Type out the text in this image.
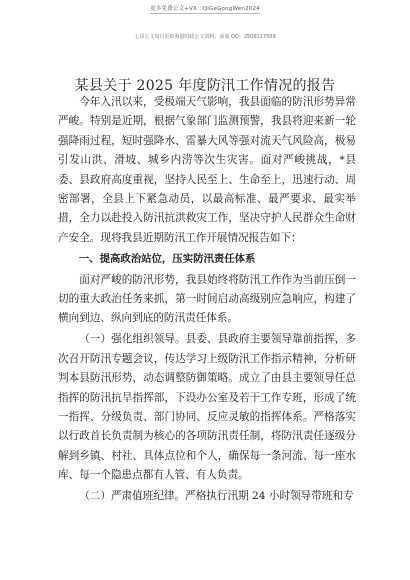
更多免费公文+VX：QiGeGongWen2024
七哥公文每日更新海量时政公文资料，添加 QQ：2500117509
某县关于 2025 年度防汛工作情况的报告

今年入汛以来，受极端天气影响，我县面临的防汛形势异常严峻。特别是近期，根据气象部门监测预警，我县将迎来新一轮强降雨过程，短时强降水、雷暴大风等强对流天气风险高，极易引发山洪、滑坡、城乡内涝等次生灾害。面对严峻挑战，*县委、县政府高度重视，坚持人民至上、生命至上，迅速行动、周密部署，全县上下紧急动员，以最高标准、最严要求、最实举措，全力以赴投入防汛抗洪救灾工作，坚决守护人民群众生命财产安全。现将我县近期防汛工作开展情况报告如下：

一、提高政治站位，压实防汛责任体系

面对严峻的防汛形势，我县始终将防汛工作作为当前压倒一切的重大政治任务来抓，第一时间启动高级别应急响应，构建了横向到边、纵向到底的防汛责任体系。

（一）强化组织领导。县委、县政府主要领导靠前指挥，多次召开防汛专题会议，传达学习上级防汛工作指示精神，分析研判本县防汛形势，动态调整防御策略。成立了由县主要领导任总指挥的防汛抗旱指挥部，下设办公室及若干工作专班，形成了统一指挥、分级负责、部门协同、反应灵敏的指挥体系。严格落实以行政首长负责制为核心的各项防汛责任制，将防汛责任逐级分解到乡镇、村社、具体点位和个人，确保每一条河流、每一座水库、每一个隐患点都有人管、有人负责。

（二）严肃值班纪律。严格执行汛期 24 小时领导带班和专
